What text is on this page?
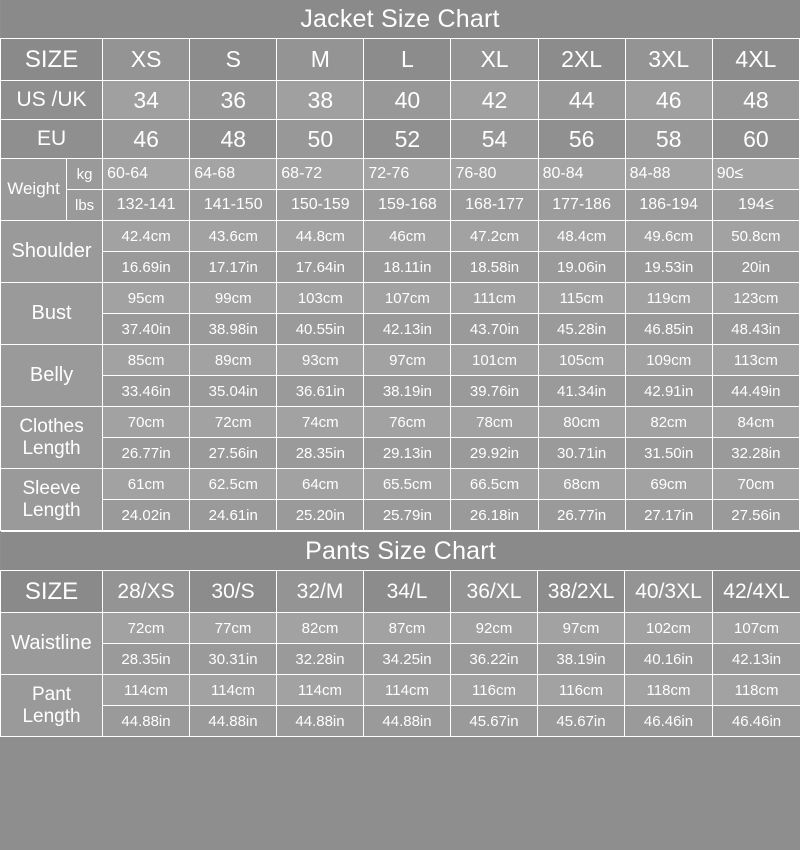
Jacket Size Chart									
SIZE		XS	S	M	L	XL	2XL	3XL	4XL
US /UK		34	36	38	40	42	44	46	48
EU		46	48	50	52	54	56	58	60
Weight	kg	60-64	64-68	68-72	72-76	76-80	80-84	84-88	90≤
	lbs	132-141	141-150	150-159	159-168	168-177	177-186	186-194	194≤
Shoulder		42.4cm	43.6cm	44.8cm	46cm	47.2cm	48.4cm	49.6cm	50.8cm
		16.69in	17.17in	17.64in	18.11in	18.58in	19.06in	19.53in	20in
Bust		95cm	99cm	103cm	107cm	111cm	115cm	119cm	123cm
		37.40in	38.98in	40.55in	42.13in	43.70in	45.28in	46.85in	48.43in
Belly		85cm	89cm	93cm	97cm	101cm	105cm	109cm	113cm
		33.46in	35.04in	36.61in	38.19in	39.76in	41.34in	42.91in	44.49in
Clothes Length		70cm	72cm	74cm	76cm	78cm	80cm	82cm	84cm
		26.77in	27.56in	28.35in	29.13in	29.92in	30.71in	31.50in	32.28in
Sleeve Length		61cm	62.5cm	64cm	65.5cm	66.5cm	68cm	69cm	70cm
		24.02in	24.61in	25.20in	25.79in	26.18in	26.77in	27.17in	27.56in
Pants Size Chart								
SIZE	28/XS	30/S	32/M	34/L	36/XL	38/2XL	40/3XL	42/4XL
Waistline	72cm	77cm	82cm	87cm	92cm	97cm	102cm	107cm
	28.35in	30.31in	32.28in	34.25in	36.22in	38.19in	40.16in	42.13in
Pant Length	114cm	114cm	114cm	114cm	116cm	116cm	118cm	118cm
	44.88in	44.88in	44.88in	44.88in	45.67in	45.67in	46.46in	46.46in
